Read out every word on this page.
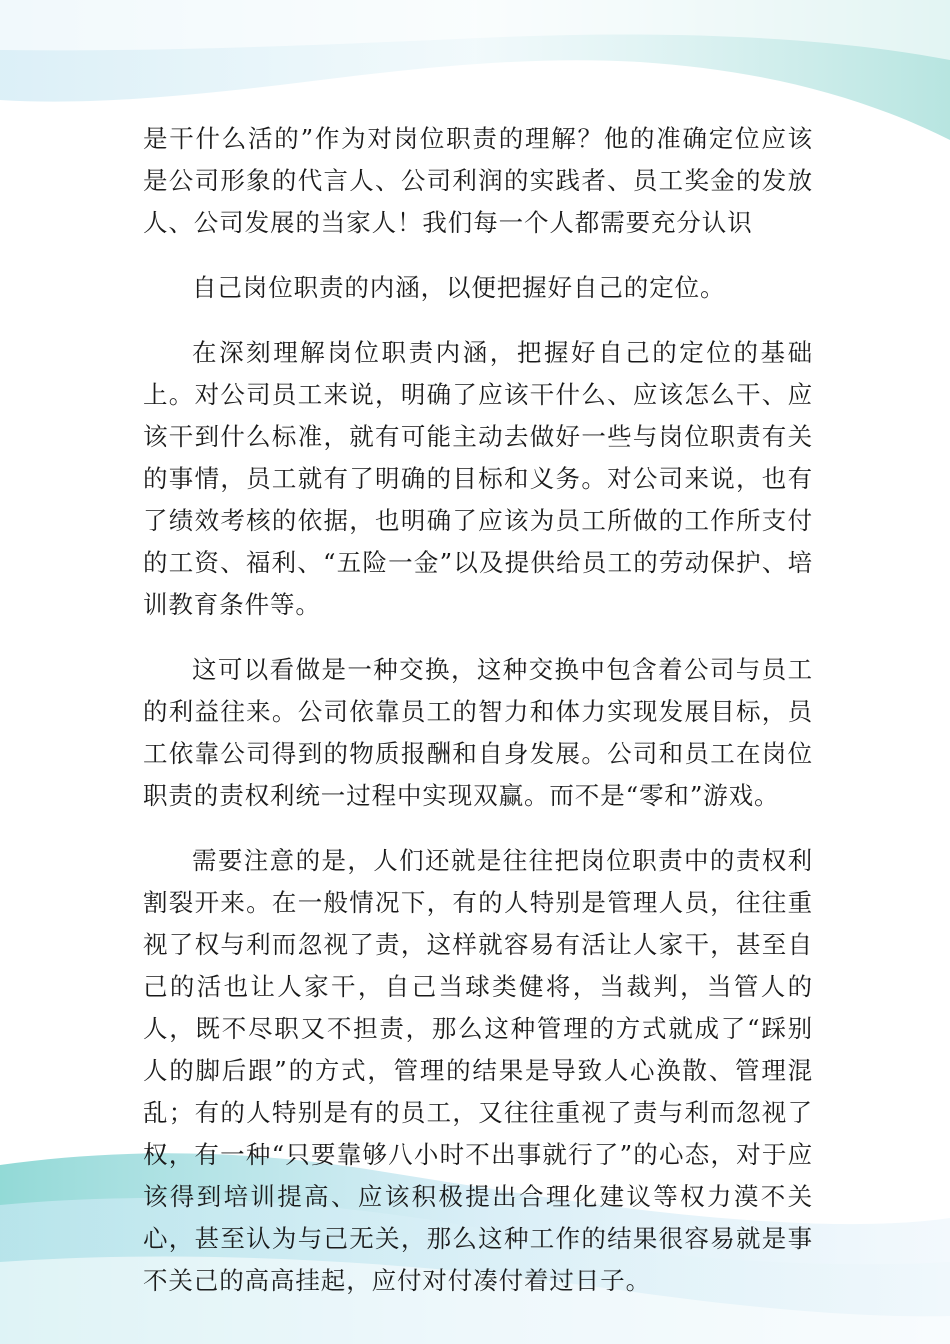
是干什么活的”作为对岗位职责的理解？他的准确定位应该是公司形象的代言人、公司利润的实践者、员工奖金的发放人、公司发展的当家人！我们每一个人都需要充分认识

自己岗位职责的内涵，以便把握好自己的定位。

在深刻理解岗位职责内涵，把握好自己的定位的基础上。对公司员工来说，明确了应该干什么、应该怎么干、应该干到什么标准，就有可能主动去做好一些与岗位职责有关的事情，员工就有了明确的目标和义务。对公司来说，也有了绩效考核的依据，也明确了应该为员工所做的工作所支付的工资、福利、“五险一金”以及提供给员工的劳动保护、培训教育条件等。

这可以看做是一种交换，这种交换中包含着公司与员工的利益往来。公司依靠员工的智力和体力实现发展目标，员工依靠公司得到的物质报酬和自身发展。公司和员工在岗位职责的责权利统一过程中实现双赢。而不是“零和”游戏。

需要注意的是，人们还就是往往把岗位职责中的责权利割裂开来。在一般情况下，有的人特别是管理人员，往往重视了权与利而忽视了责，这样就容易有活让人家干，甚至自己的活也让人家干，自己当球类健将，当裁判，当管人的人，既不尽职又不担责，那么这种管理的方式就成了“踩别人的脚后跟”的方式，管理的结果是导致人心涣散、管理混乱；有的人特别是有的员工，又往往重视了责与利而忽视了权，有一种“只要靠够八小时不出事就行了”的心态，对于应该得到培训提高、应该积极提出合理化建议等权力漠不关心，甚至认为与己无关，那么这种工作的结果很容易就是事不关己的高高挂起，应付对付凑付着过日子。
